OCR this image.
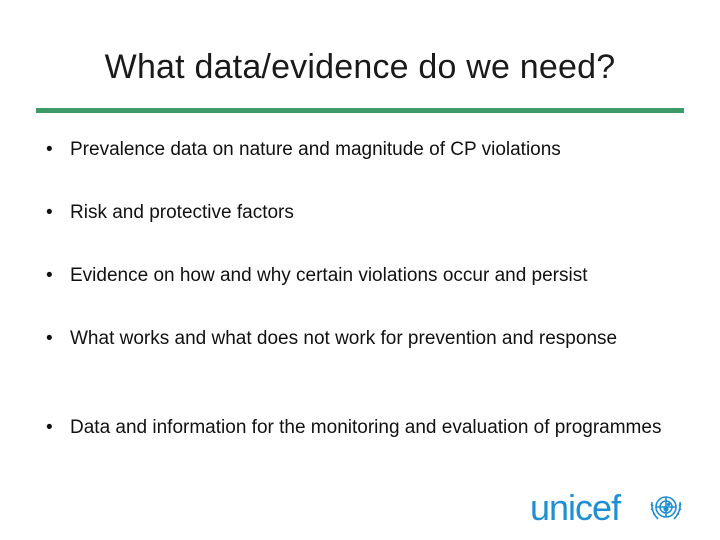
What data/evidence do we need?
• Prevalence data on nature and magnitude of CP violations
• Risk and protective factors
• Evidence on how and why certain violations occur and persist
• What works and what does not work for prevention and response
• Data and information for the monitoring and evaluation of programmes
unicef
